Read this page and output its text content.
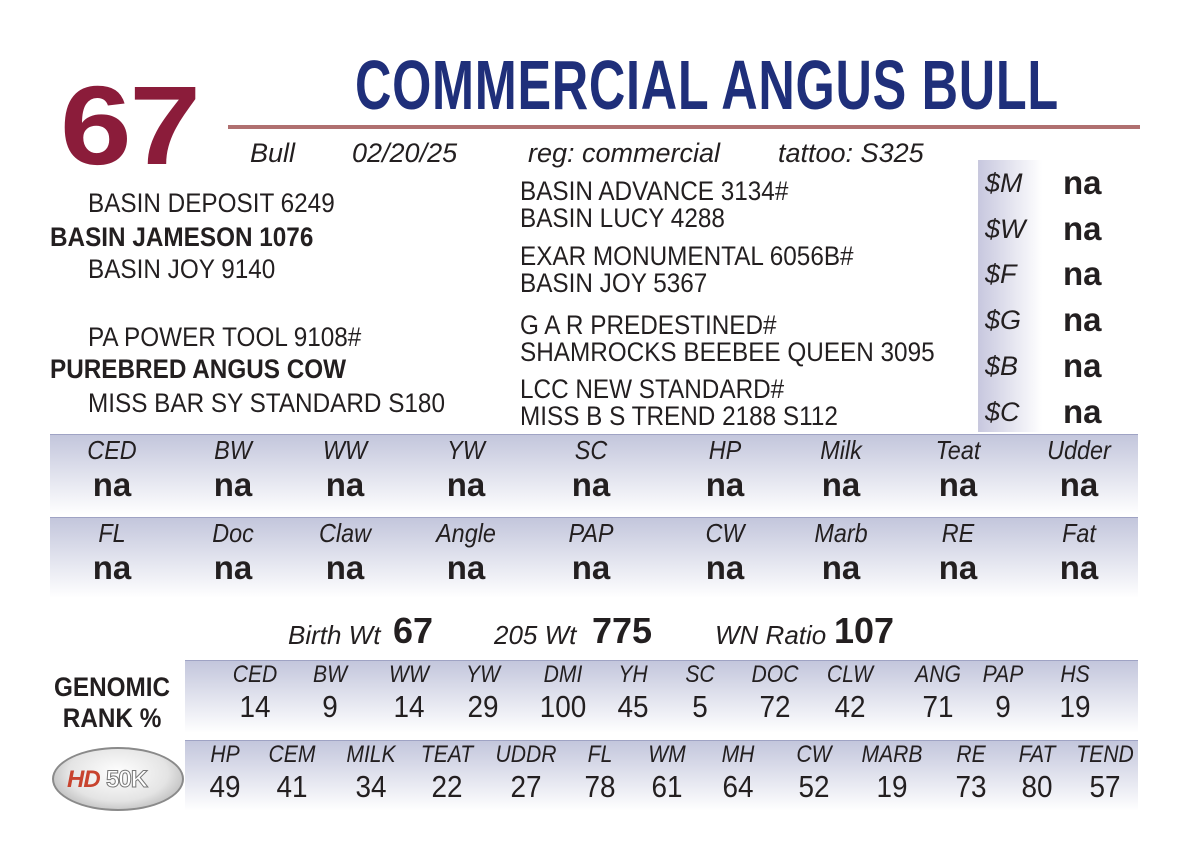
67 COMMERCIAL ANGUS BULL
Bull 02/20/25	reg: commercial tattoo: S325
BASIN DEPOSIT 6249
BASIN JAMESON 1076
BASIN JOY 9140
PA POWER TOOL 9108#
PUREBRED ANGUS COW
MISS BAR SY STANDARD S180
BASIN ADVANCE 3134#
BASIN LUCY 4288
EXAR MONUMENTAL 6056B#
BASIN JOY 5367
G A R PREDESTINED#
SHAMROCKS BEEBEE QUEEN 3095
LCC NEW STANDARD#
MISS B S TREND 2188 S112
$M na
$W na
$F na
$G na
$B na
$C na
CED
na
BW
na
WW
na
YW
na
SC
na
HP
na
Milk
na
Teat
na
Udder
na
FL
na
Doc
na
Claw
na
Angle
na
PAP
na
CW
na
Marb
na
RE
na
Fat
na
Birth Wt 67 205 Wt 775 WN Ratio 107
GENOMIC
RANK %
CED
14
BW
9
WW
14
YW
29
DMI
100
YH
45
SC
5
DOC
72
CLW
42
ANG
71
PAP
9
HS
19
HP
49
CEM
41
MILK
34
TEAT
22
UDDR
27
FL
78
WM
61
MH
64
CW
52
MARB
19
RE
73
FAT
80
TEND
57
HD 50K
